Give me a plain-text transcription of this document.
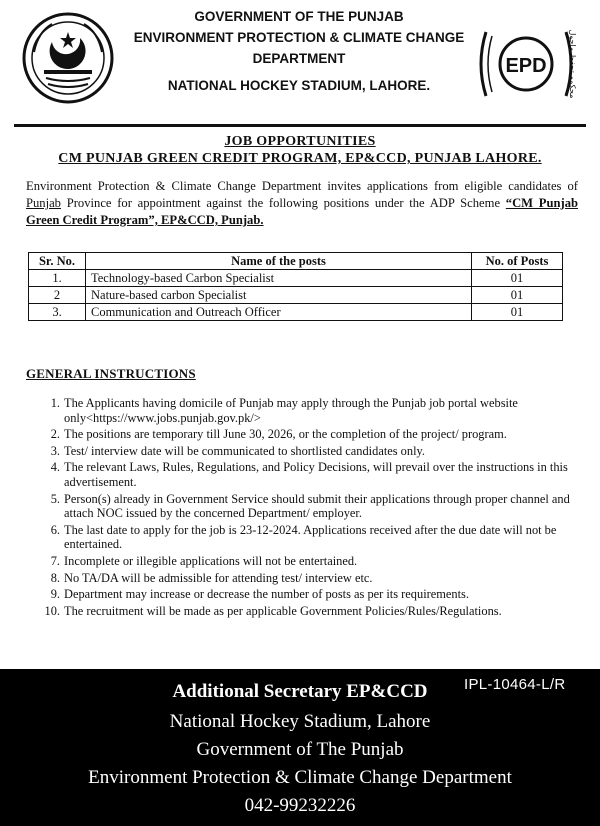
GOVERNMENT OF THE PUNJAB
ENVIRONMENT PROTECTION & CLIMATE CHANGE
DEPARTMENT
NATIONAL HOCKEY STADIUM, LAHORE.
EPD	محکمہ تحفظ ماحول
JOB OPPORTUNITIES
CM PUNJAB GREEN CREDIT PROGRAM, EP&CCD, PUNJAB LAHORE.
Environment Protection & Climate Change Department invites applications from eligible candidates of Punjab Province for appointment against the following positions under the ADP Scheme “CM Punjab Green Credit Program”, EP&CCD, Punjab.
Sr. No.	Name of the posts	No. of Posts
1.	Technology-based Carbon Specialist	01
2	Nature-based carbon Specialist	01
3.	Communication and Outreach Officer	01
GENERAL INSTRUCTIONS
1. The Applicants having domicile of Punjab may apply through the Punjab job portal website only<https://www.jobs.punjab.gov.pk/>
2. The positions are temporary till June 30, 2026, or the completion of the project/ program.
3. Test/ interview date will be communicated to shortlisted candidates only.
4. The relevant Laws, Rules, Regulations, and Policy Decisions, will prevail over the instructions in this advertisement.
5. Person(s) already in Government Service should submit their applications through proper channel and attach NOC issued by the concerned Department/ employer.
6. The last date to apply for the job is 23-12-2024. Applications received after the due date will not be entertained.
7. Incomplete or illegible applications will not be entertained.
8. No TA/DA will be admissible for attending test/ interview etc.
9. Department may increase or decrease the number of posts as per its requirements.
10. The recruitment will be made as per applicable Government Policies/Rules/Regulations.
Additional Secretary EP&CCD
National Hockey Stadium, Lahore
Government of The Punjab
Environment Protection & Climate Change Department
042-99232226
IPL-10464-L/R
